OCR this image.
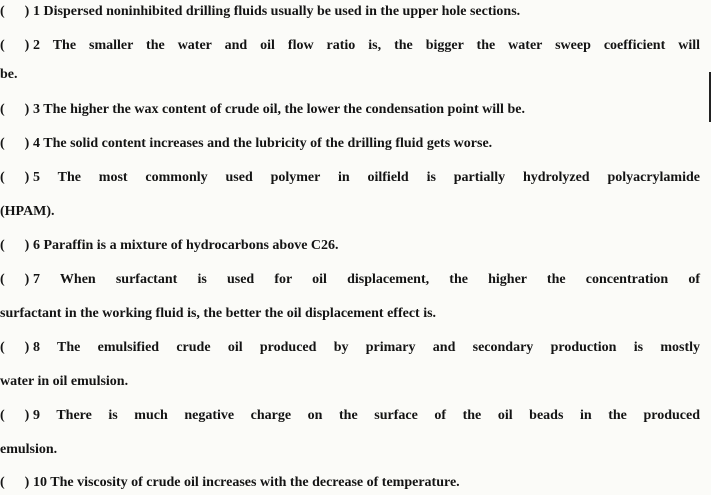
( ) 1 Dispersed noninhibited drilling fluids usually be used in the upper hole sections.
( ) 2 The smaller the water and oil flow ratio is, the bigger the water sweep coefficient will
be.
( ) 3 The higher the wax content of crude oil, the lower the condensation point will be.
( ) 4 The solid content increases and the lubricity of the drilling fluid gets worse.
( ) 5 The most commonly used polymer in oilfield is partially hydrolyzed polyacrylamide
(HPAM).
( ) 6 Paraffin is a mixture of hydrocarbons above C26.
( ) 7 When surfactant is used for oil displacement, the higher the concentration of
surfactant in the working fluid is, the better the oil displacement effect is.
( ) 8 The emulsified crude oil produced by primary and secondary production is mostly
water in oil emulsion.
( ) 9 There is much negative charge on the surface of the oil beads in the produced
emulsion.
( ) 10 The viscosity of crude oil increases with the decrease of temperature.
